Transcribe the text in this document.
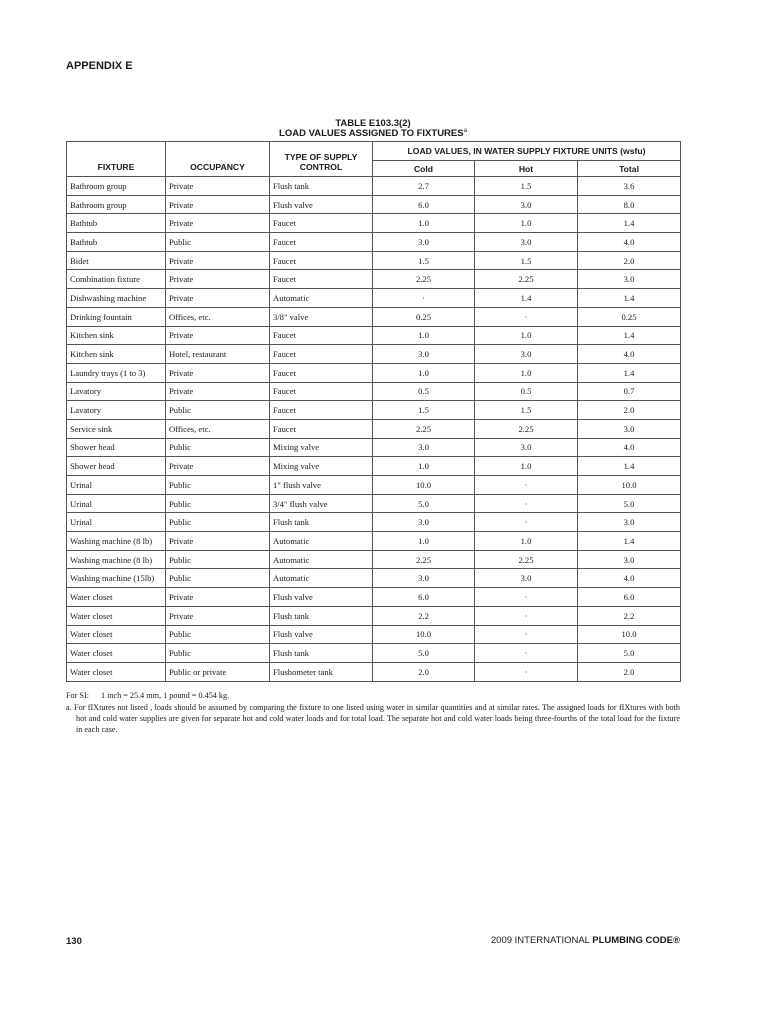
APPENDIX E
TABLE E103.3(2)
LOAD VALUES ASSIGNED TO FIXTURES$^a$
FIXTURE	OCCUPANCY	TYPE OF SUPPLY CONTROL	LOAD VALUES, IN WATER SUPPLY FIXTURE UNITS (wsfu)		
			Cold	Hot	Total
Bathroom group	Private	Flush tank	2.7	1.5	3.6
Bathroom group	Private	Flush valve	6.0	3.0	8.0
Bathtub	Private	Faucet	1.0	1.0	1.4
Bathtub	Public	Faucet	3.0	3.0	4.0
Bidet	Private	Faucet	1.5	1.5	2.0
Combination fixture	Private	Faucet	2.25	2.25	3.0
Dishwashing machine	Private	Automatic	·	1.4	1.4
Drinking fountain	Offices, etc.	3/8" valve	0.25	·	0.25
Kitchen sink	Private	Faucet	1.0	1.0	1.4
Kitchen sink	Hotel, restaurant	Faucet	3.0	3.0	4.0
Laundry trays (1 to 3)	Private	Faucet	1.0	1.0	1.4
Lavatory	Private	Faucet	0.5	0.5	0.7
Lavatory	Public	Faucet	1.5	1.5	2.0
Service sink	Offices, etc.	Faucet	2.25	2.25	3.0
Shower head	Public	Mixing valve	3.0	3.0	4.0
Shower head	Private	Mixing valve	1.0	1.0	1.4
Urinal	Public	1" flush valve	10.0	·	10.0
Urinal	Public	3/4" flush valve	5.0	·	5.0
Urinal	Public	Flush tank	3.0	·	3.0
Washing machine (8 lb)	Private	Automatic	1.0	1.0	1.4
Washing machine (8 lb)	Public	Automatic	2.25	2.25	3.0
Washing machine (15lb)	Public	Automatic	3.0	3.0	4.0
Water closet	Private	Flush valve	6.0	·	6.0
Water closet	Private	Flush tank	2.2	·	2.2
Water closet	Public	Flush valve	10.0	·	10.0
Water closet	Public	Flush tank	5.0	·	5.0
Water closet	Public or private	Flushometer tank	2.0	·	2.0

For SI: 1 inch = 25.4 mm, 1 pound = 0.454 kg.

a. For fIXtures not listed , loads should be assumed by comparing the fixture to one listed using water in similar quantities and at similar rates. The assigned loads for fIXtures with both hot and cold water supplies are given for separate hot and cold water loads and for total load. The separate hot and cold water loads being three-fourths of the total load for the fixture in each case.

130	2009 INTERNATIONAL PLUMBING CODE®
